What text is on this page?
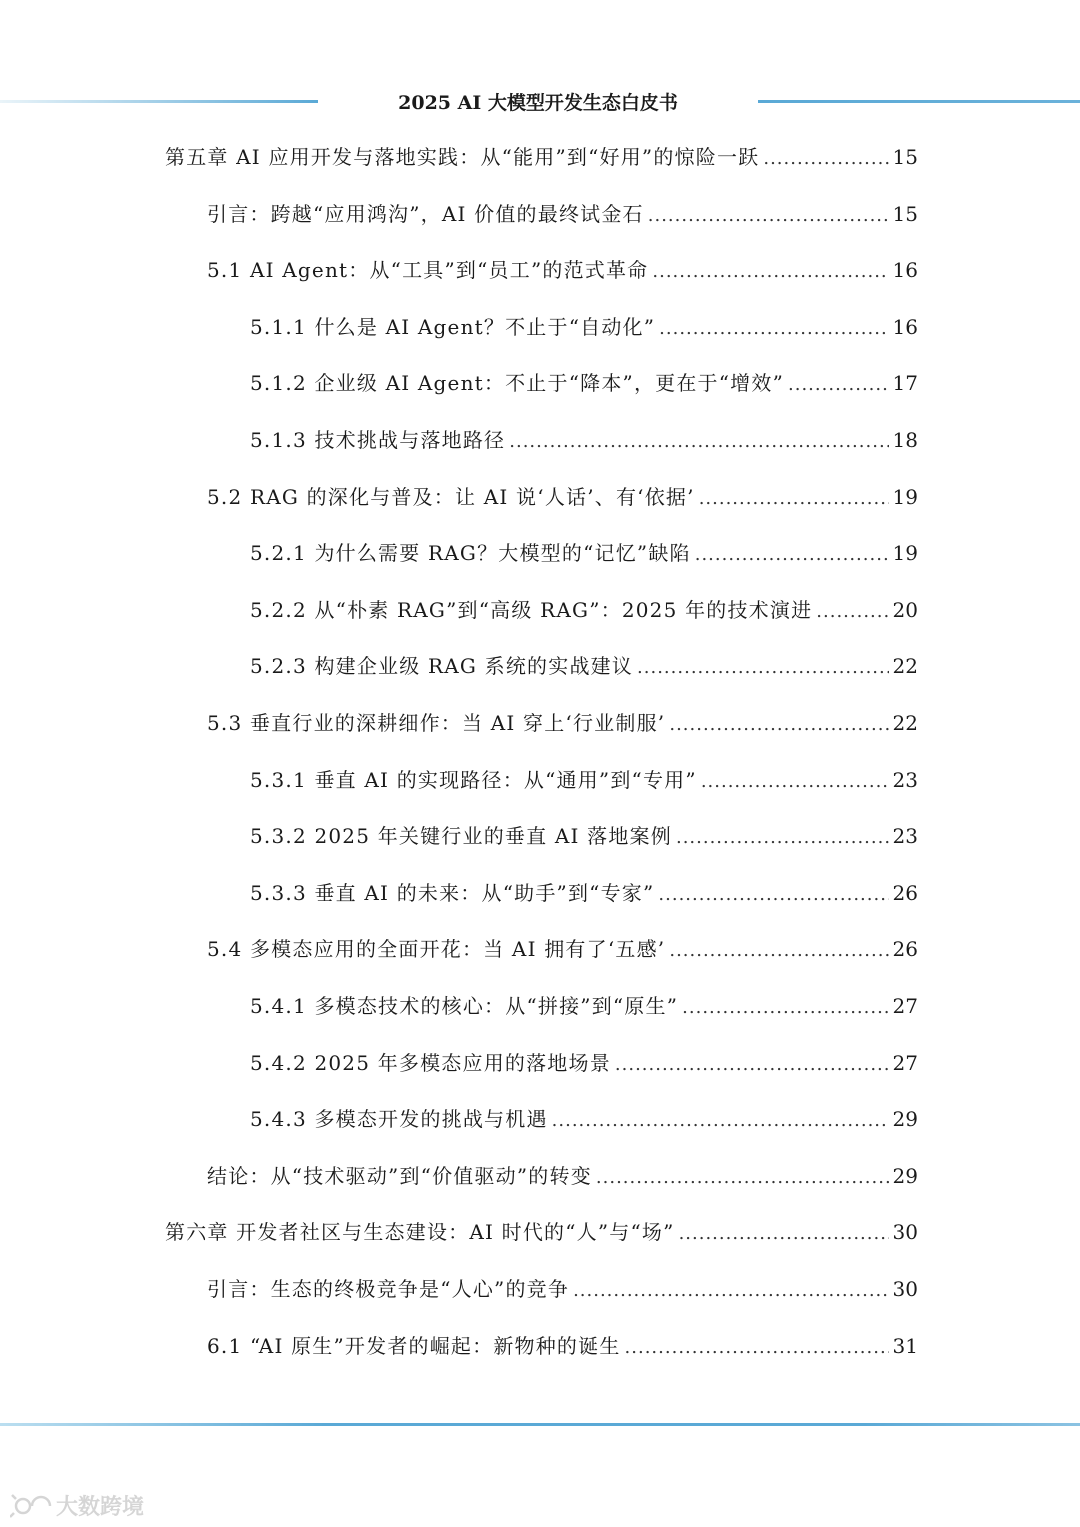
2025 AI 大模型开发生态白皮书
第五章 AI 应用开发与落地实践：从“能用”到“好用”的惊险一跃 .....	15
引言：跨越“应用鸿沟”，AI 价值的最终试金石 .....	15
5.1 AI Agent：从“工具”到“员工”的范式革命 .....	16
5.1.1 什么是 AI Agent？不止于“自动化” .....	16
5.1.2 企业级 AI Agent：不止于“降本”，更在于“增效” .....	17
5.1.3 技术挑战与落地路径 .....	18
5.2 RAG 的深化与普及：让 AI 说‘人话’、有‘依据’ .....	19
5.2.1 为什么需要 RAG？大模型的“记忆”缺陷 .....	19
5.2.2 从“朴素 RAG”到“高级 RAG”：2025 年的技术演进 .....	20
5.2.3 构建企业级 RAG 系统的实战建议 .....	22
5.3 垂直行业的深耕细作：当 AI 穿上‘行业制服’ .....	22
5.3.1 垂直 AI 的实现路径：从“通用”到“专用” .....	23
5.3.2 2025 年关键行业的垂直 AI 落地案例 .....	23
5.3.3 垂直 AI 的未来：从“助手”到“专家” .....	26
5.4 多模态应用的全面开花：当 AI 拥有了‘五感’ .....	26
5.4.1 多模态技术的核心：从“拼接”到“原生” .....	27
5.4.2 2025 年多模态应用的落地场景 .....	27
5.4.3 多模态开发的挑战与机遇 .....	29
结论：从“技术驱动”到“价值驱动”的转变 .....	29
第六章 开发者社区与生态建设：AI 时代的“人”与“场” .....	30
引言：生态的终极竞争是“人心”的竞争 .....	30
6.1 “AI 原生”开发者的崛起：新物种的诞生 .....	31
大数跨境
